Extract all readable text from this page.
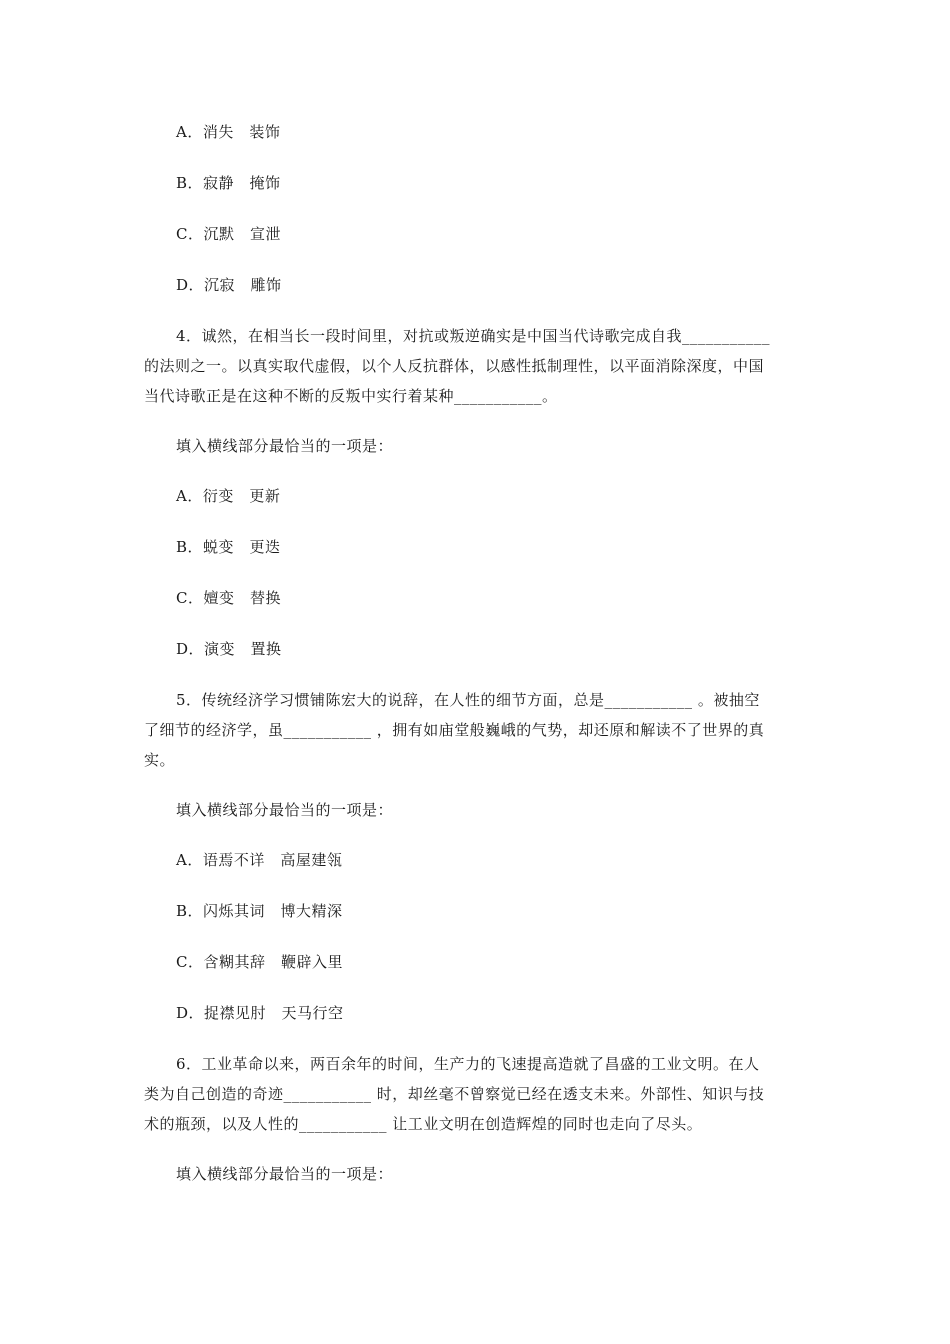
A．消失　装饰
B．寂静　掩饰
C．沉默　宣泄
D．沉寂　雕饰
4．诚然，在相当长一段时间里，对抗或叛逆确实是中国当代诗歌完成自我___________
的法则之一。以真实取代虚假，以个人反抗群体，以感性抵制理性，以平面消除深度，中国
当代诗歌正是在这种不断的反叛中实行着某种___________。
填入横线部分最恰当的一项是：
A．衍变　更新
B．蜕变　更迭
C．嬗变　替换
D．演变　置换
5．传统经济学习惯铺陈宏大的说辞，在人性的细节方面，总是___________ 。被抽空
了细节的经济学，虽___________ ，拥有如庙堂般巍峨的气势，却还原和解读不了世界的真
实。
填入横线部分最恰当的一项是：
A．语焉不详　高屋建瓴
B．闪烁其词　博大精深
C．含糊其辞　鞭辟入里
D．捉襟见肘　天马行空
6．工业革命以来，两百余年的时间，生产力的飞速提高造就了昌盛的工业文明。在人
类为自己创造的奇迹___________ 时，却丝毫不曾察觉已经在透支未来。外部性、知识与技
术的瓶颈，以及人性的___________ 让工业文明在创造辉煌的同时也走向了尽头。
填入横线部分最恰当的一项是：
